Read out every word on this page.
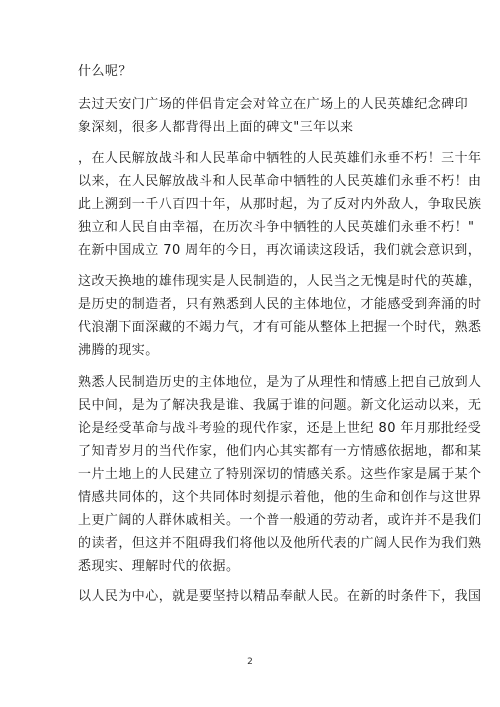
什么呢？
去过天安门广场的伴侣肯定会对耸立在广场上的人民英雄纪念碑印
象深刻，很多人都背得出上面的碑文"三年以来
，在人民解放战斗和人民革命中牺牲的人民英雄们永垂不朽！三十年
以来，在人民解放战斗和人民革命中牺牲的人民英雄们永垂不朽！由
此上溯到一千八百四十年，从那时起，为了反对内外敌人，争取民族
独立和人民自由幸福，在历次斗争中牺牲的人民英雄们永垂不朽！"
在新中国成立 70 周年的今日，再次诵读这段话，我们就会意识到，
这改天换地的雄伟现实是人民制造的，人民当之无愧是时代的英雄，
是历史的制造者，只有熟悉到人民的主体地位，才能感受到奔涌的时
代浪潮下面深藏的不竭力气，才有可能从整体上把握一个时代，熟悉
沸腾的现实。
熟悉人民制造历史的主体地位，是为了从理性和情感上把自己放到人
民中间，是为了解决我是谁、我属于谁的问题。新文化运动以来，无
论是经受革命与战斗考验的现代作家，还是上世纪 80 年月那批经受
了知青岁月的当代作家，他们内心其实都有一方情感依据地，都和某
一片土地上的人民建立了特别深切的情感关系。这些作家是属于某个
情感共同体的，这个共同体时刻提示着他，他的生命和创作与这世界
上更广阔的人群休戚相关。一个普一般通的劳动者，或许并不是我们
的读者，但这并不阻碍我们将他以及他所代表的广阔人民作为我们熟
悉现实、理解时代的依据。
以人民为中心，就是要坚持以精品奉献人民。在新的时条件下，我国
2
